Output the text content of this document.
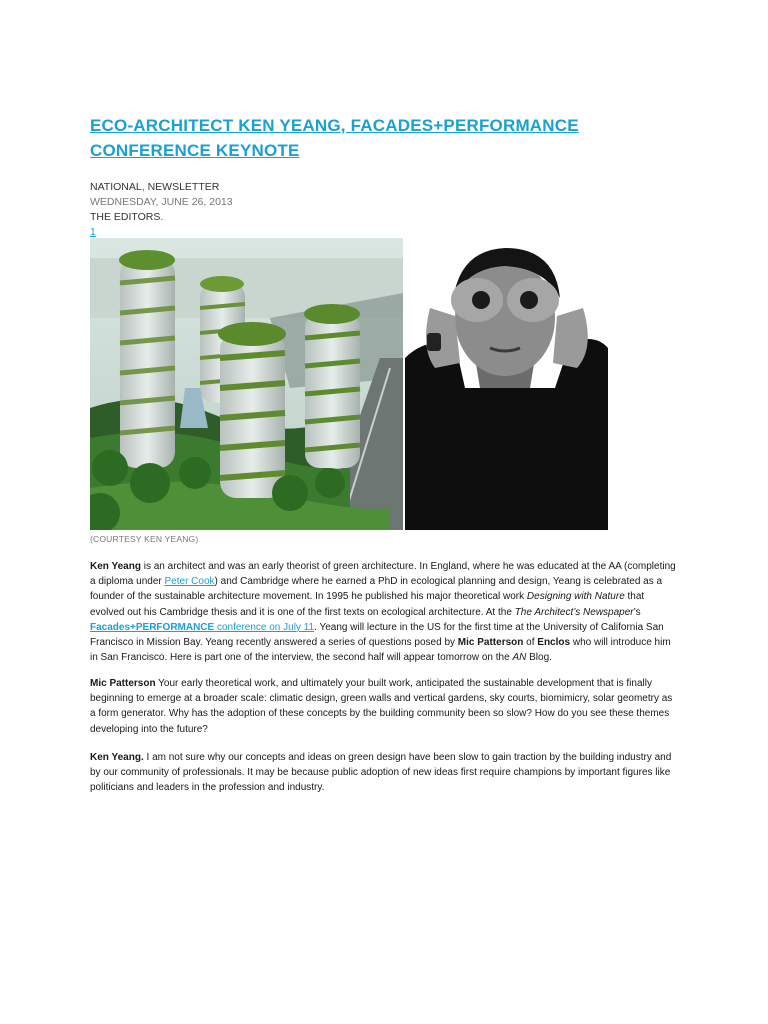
ECO-ARCHITECT KEN YEANG, FACADES+PERFORMANCE CONFERENCE KEYNOTE
NATIONAL, NEWSLETTER
WEDNESDAY, JUNE 26, 2013
THE EDITORS.
1
(COURTESY KEN YEANG)

Ken Yeang is an architect and was an early theorist of green architecture. In England, where he was educated at the AA (completing a diploma under Peter Cook) and Cambridge where he earned a PhD in ecological planning and design, Yeang is celebrated as a founder of the sustainable architecture movement. In 1995 he published his major theoretical work Designing with Nature that evolved out his Cambridge thesis and it is one of the first texts on ecological architecture. At the The Architect’s Newspaper’s Facades+PERFORMANCE conference on July 11. Yeang will lecture in the US for the first time at the University of California San Francisco in Mission Bay. Yeang recently answered a series of questions posed by Mic Patterson of Enclos who will introduce him in San Francisco. Here is part one of the interview, the second half will appear tomorrow on the AN Blog.

Mic Patterson Your early theoretical work, and ultimately your built work, anticipated the sustainable development that is finally beginning to emerge at a broader scale: climatic design, green walls and vertical gardens, sky courts, biomimicry, solar geometry as a form generator. Why has the adoption of these concepts by the building community been so slow? How do you see these themes developing into the future?

Ken Yeang. I am not sure why our concepts and ideas on green design have been slow to gain traction by the building industry and by our community of professionals. It may be because public adoption of new ideas first require champions by important figures like politicians and leaders in the profession and industry.
